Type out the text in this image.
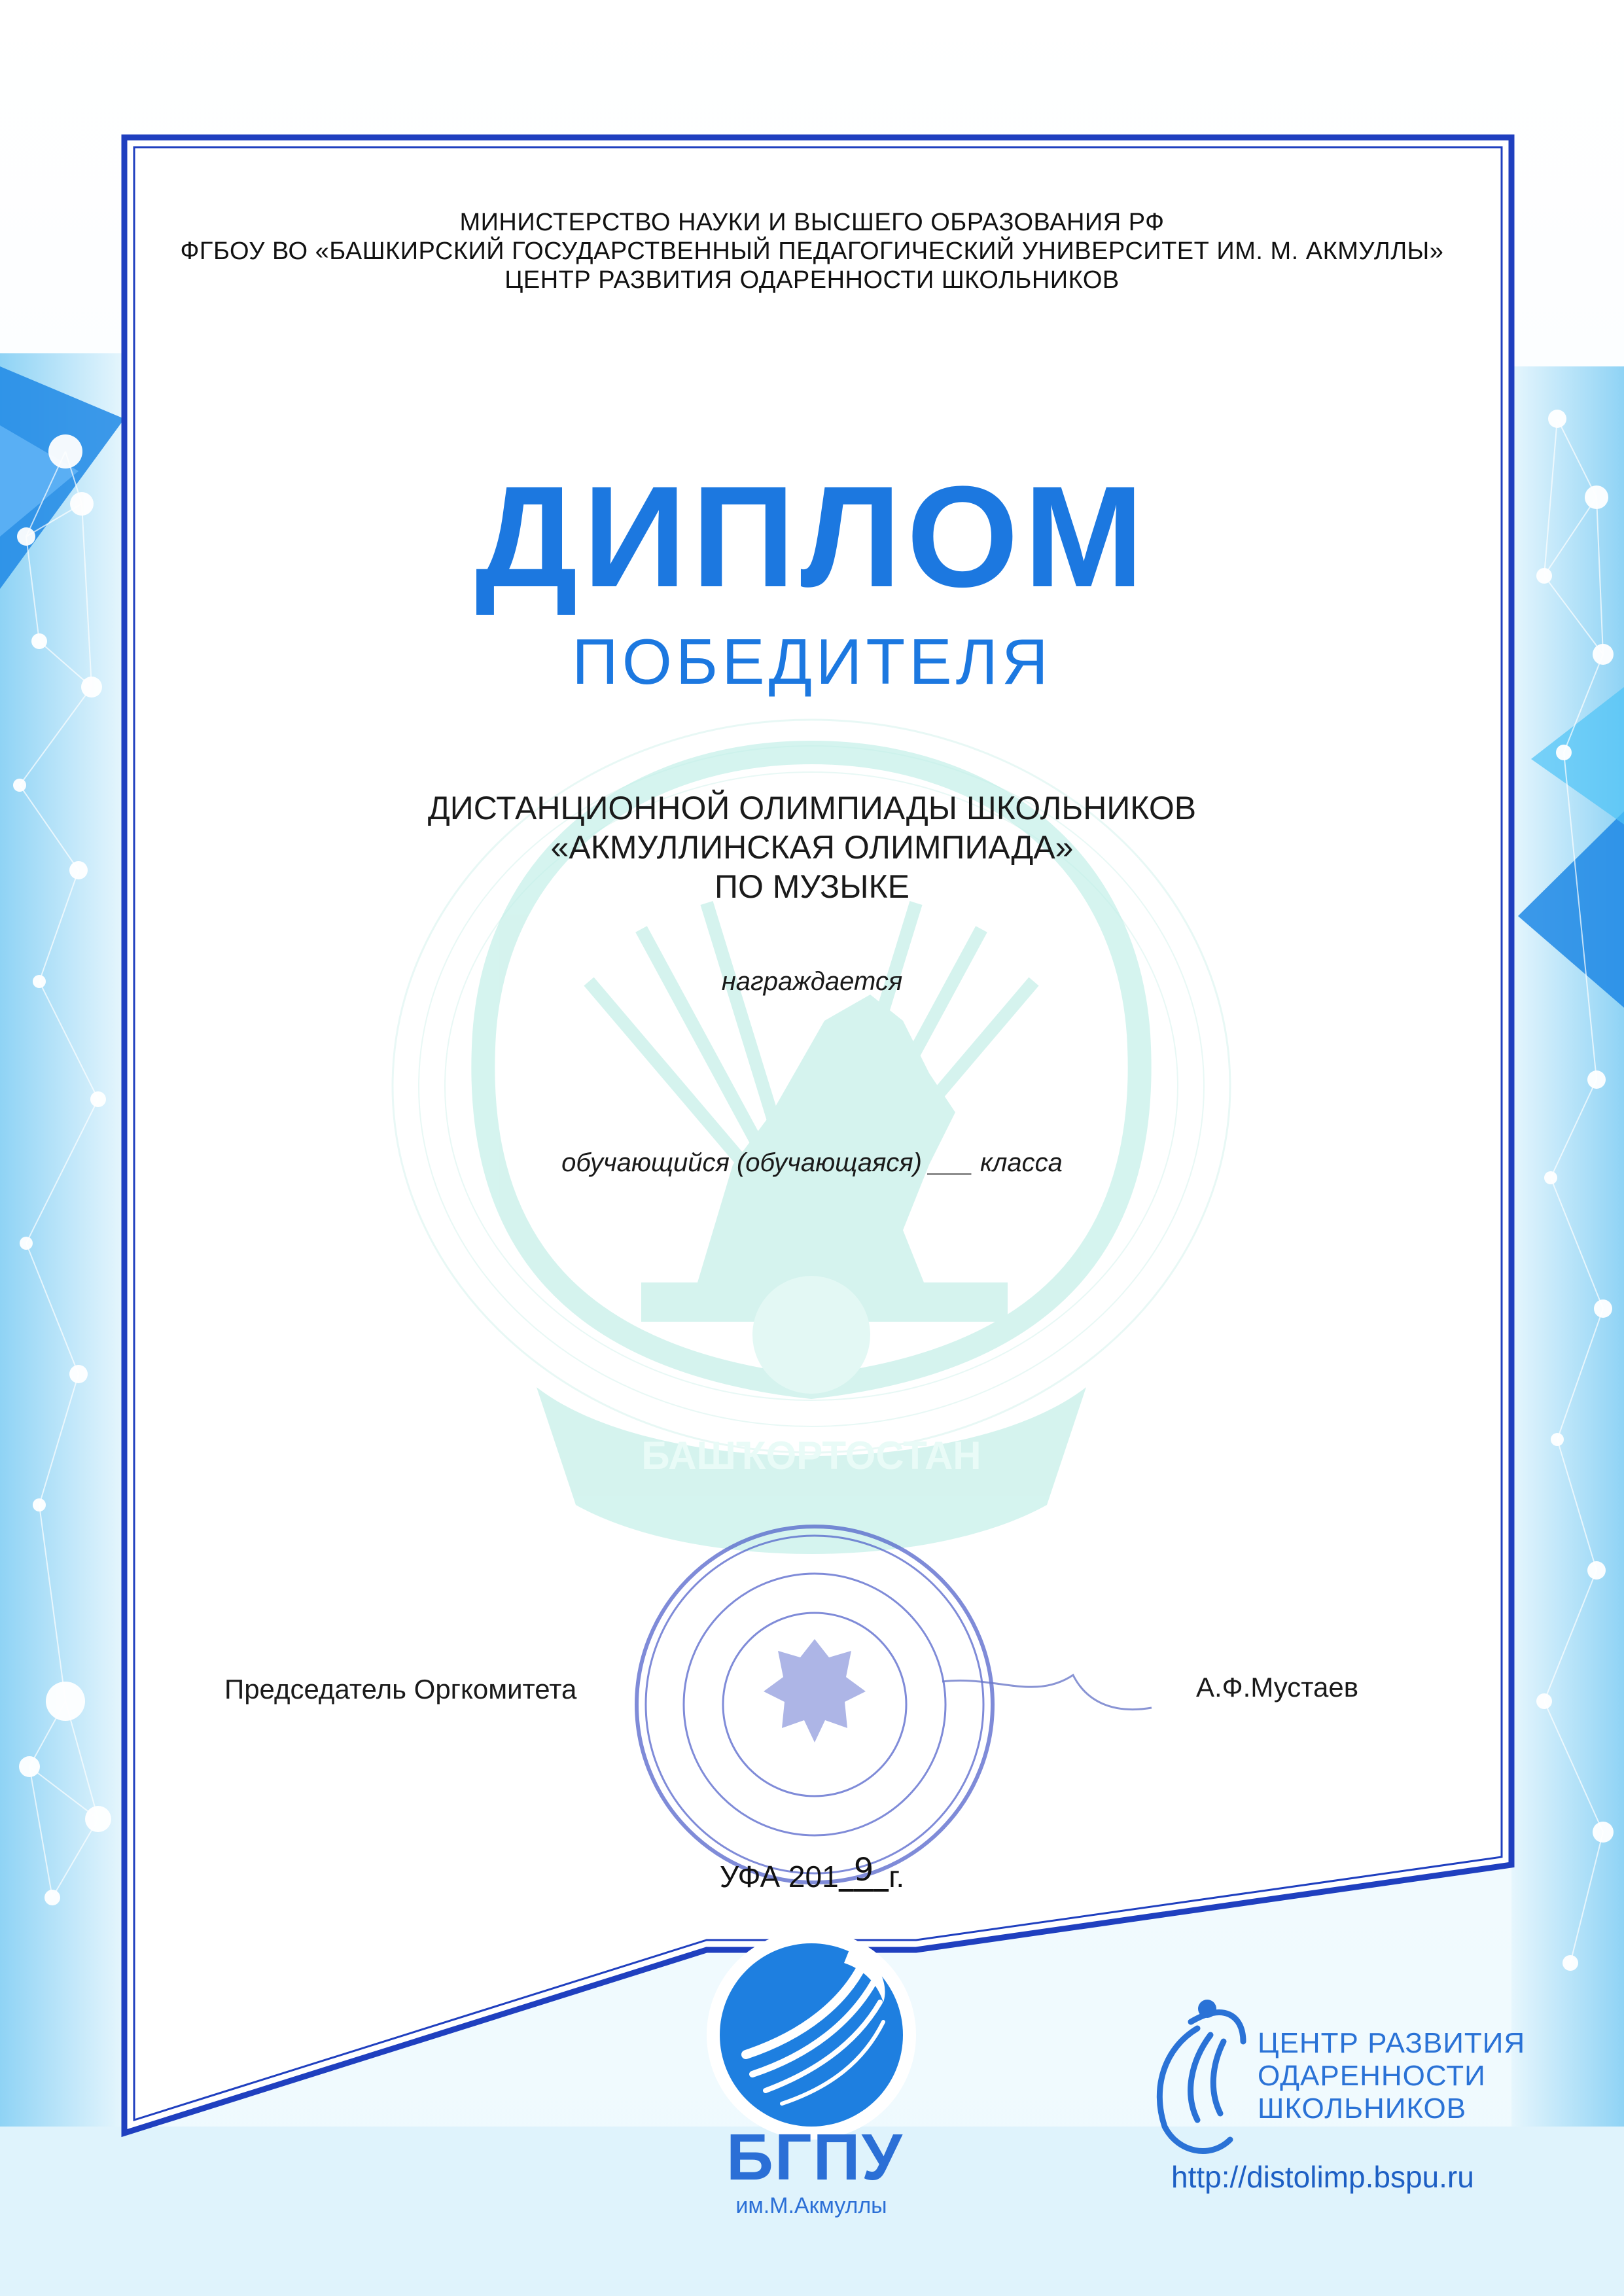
БАШҠОРТОСТАН
МИНИСТЕРСТВО НАУКИ И ВЫСШЕГО ОБРАЗОВАНИЯ РФ
ФГБОУ ВО «БАШКИРСКИЙ ГОСУДАРСТВЕННЫЙ ПЕДАГОГИЧЕСКИЙ УНИВЕРСИТЕТ ИМ. М. АКМУЛЛЫ»
ЦЕНТР РАЗВИТИЯ ОДАРЕННОСТИ ШКОЛЬНИКОВ
ДИПЛОМ
ПОБЕДИТЕЛЯ
ДИСТАНЦИОННОЙ ОЛИМПИАДЫ ШКОЛЬНИКОВ
«АКМУЛЛИНСКАЯ ОЛИМПИАДА»
ПО МУЗЫКЕ
награждается
обучающийся (обучающаяся) ___ класса
Председатель Оргкомитета	А.Ф.Мустаев
УФА 201  9  г.
БГПУ
им.М.Акмуллы
ЦЕНТР РАЗВИТИЯ
ОДАРЕННОСТИ
ШКОЛЬНИКОВ
http://distolimp.bspu.ru
